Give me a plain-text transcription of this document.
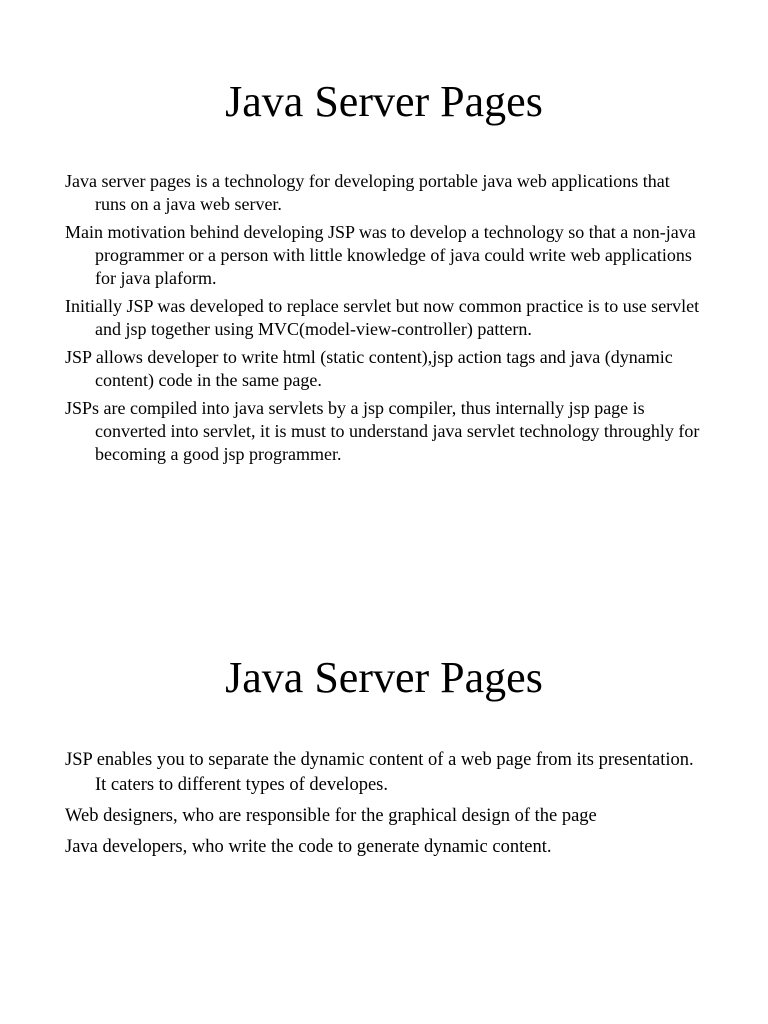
Java Server Pages
Java server pages is a technology for developing portable java web applications that runs on a java web server.
Main motivation behind developing JSP was to develop a technology so that a non-java programmer or a person with little knowledge of java could write web applications for java plaform.
Initially JSP was developed to replace servlet but now common practice is to use servlet and jsp together using MVC(model-view-controller) pattern.
JSP allows developer to write html (static content),jsp action tags and java (dynamic content) code in the same page.
JSPs are compiled into java servlets by a jsp compiler, thus internally jsp page is converted into servlet, it is must to understand java servlet technology throughly for becoming a good jsp programmer.
Java Server Pages
JSP enables you to separate the dynamic content of a web page from its presentation. It caters to different types of developes.
Web designers, who are responsible for the graphical design of the page
Java developers, who write the code to generate dynamic content.
